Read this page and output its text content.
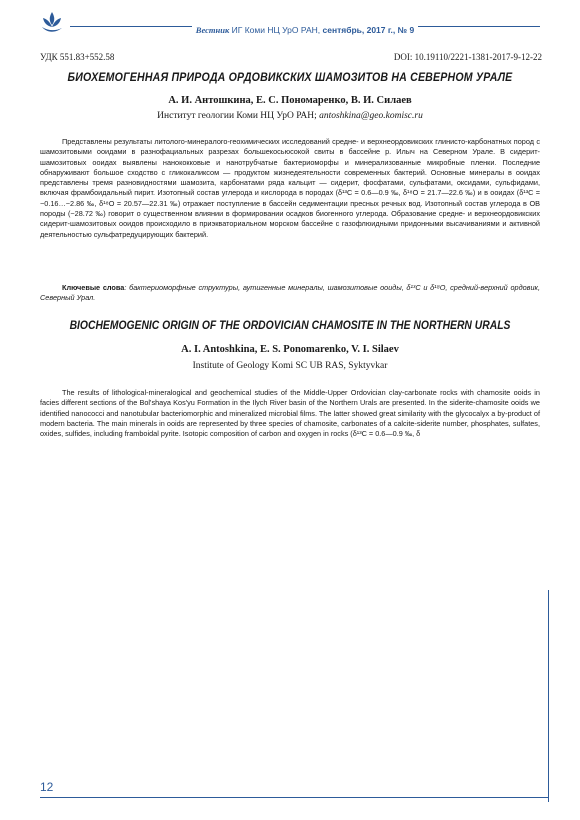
Вестник ИГ Коми НЦ УрО РАН, сентябрь, 2017 г., № 9
УДК 551.83+552.58	DOI: 10.19110/2221-1381-2017-9-12-22
БИОХЕМОГЕННАЯ ПРИРОДА ОРДОВИКСКИХ ШАМОЗИТОВ НА СЕВЕРНОМ УРАЛЕ
А. И. Антошкина, Е. С. Пономаренко, В. И. Силаев
Институт геологии Коми НЦ УрО РАН; antoshkina@geo.komisc.ru

Представлены результаты литолого-минералого-геохимических исследований средне- и верхнеордовикских глинисто-карбонатных пород с шамозитовыми ооидами в разнофациальных разрезах большекосьюсокой свиты в бассейне р. Илыч на Северном Урале. В сидерит-шамозитовых ооидах выявлены нанококковые и нанотрубчатые бактериоморфы и минерализованные микробные пленки. Последние обнаруживают большое сходство с гликокаликсом — продуктом жизнедеятельности современных бактерий. Основные минералы в ооидах представлены тремя разновидностями шамозита, карбонатами ряда кальцит — сидерит, фосфатами, сульфатами, оксидами, сульфидами, включая фрамбоидальный пирит. Изотопный состав углерода и кислорода в породах (δ¹³C = 0.6—0.9 ‰, δ¹⁸O = 21.7—22.6 ‰) и в ооидах (δ¹³C = −0.16…−2.86 ‰, δ¹⁸O = 20.57—22.31 ‰) отражает поступление в бассейн седиментации пресных речных вод. Изотопный состав углерода в ОВ породы (−28.72 ‰) говорит о существенном влиянии в формировании осадков биогенного углерода. Образование средне- и верхнеордовикских сидерит-шамозитовых ооидов происходило в приэкваториальном морском бассейне с газофлюидными придонными высачиваниями и активной деятельностью сульфатредуцирующих бактерий.

Ключевые слова: бактериоморфные структуры, аутигенные минералы, шамозитовые ооиды, δ¹³C и δ¹⁸O, средний-верхний ордовик, Северный Урал.

BIOCHEMOGENIC ORIGIN OF THE ORDOVICIAN CHAMOSITE IN THE NORTHERN URALS
A. I. Antoshkina, E. S. Ponomarenko, V. I. Silaev
Institute of Geology Komi SC UB RAS, Syktyvkar

The results of lithological-mineralogical and geochemical studies of the Middle-Upper Ordovician clay-carbonate rocks with chamosite ooids in facies different sections of the Bol'shaya Kos'yu Formation in the Ilych River basin of the Northern Urals are presented. In the siderite-chamosite ooids we identified nanococci and nanotubular bacteriomorphic and mineralized microbial films. The latter showed great similarity with the glycocalyx a by-product of modern bacteria. The main minerals in ooids are represented by three species of chamosite, carbonates of a calcite-siderite number, phosphates, sulfates, oxides, sulfides, including framboidal pyrite. Isotopic composition of carbon and oxygen in rocks (δ¹³C = 0.6—0.9 ‰, δ

12
